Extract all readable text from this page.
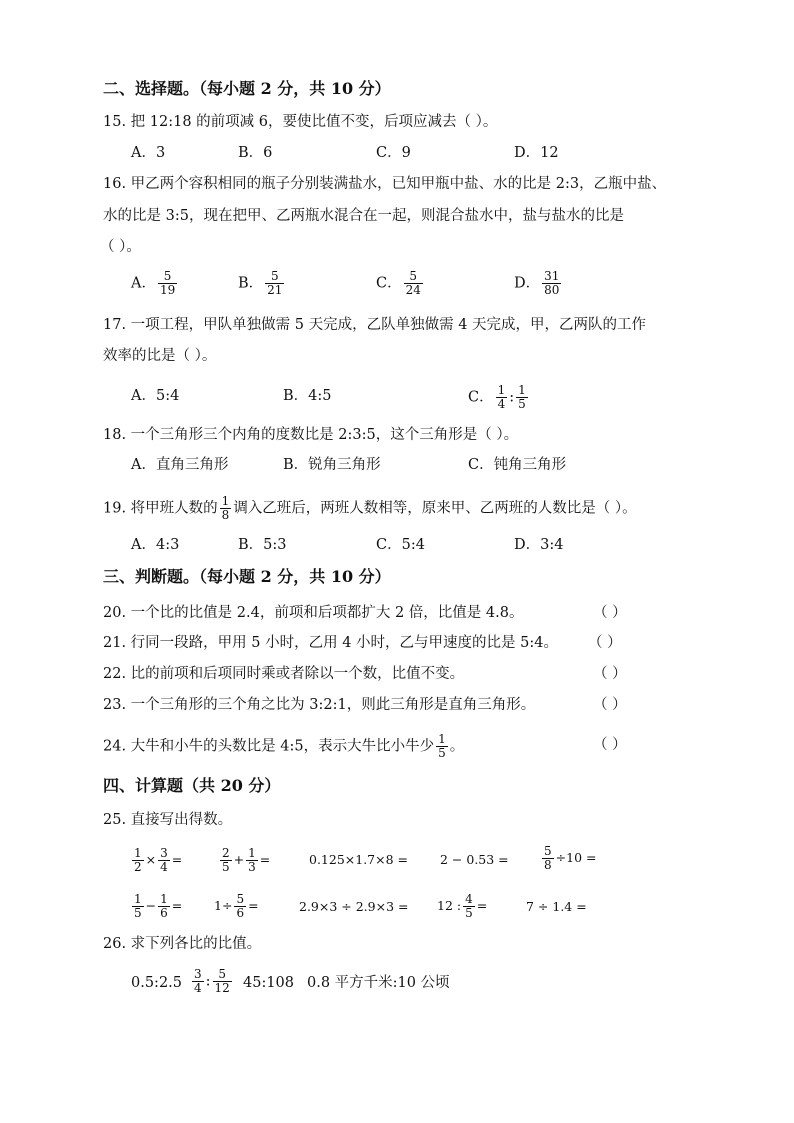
二、选择题。（每小题 2 分，共 10 分）
15. 把 12:18 的前项减 6，要使比值不变，后项应减去（ ）。
A．3	B．6	C．9	D．12
16. 甲乙两个容积相同的瓶子分别装满盐水，已知甲瓶中盐、水的比是 2:3，乙瓶中盐、
水的比是 3:5，现在把甲、乙两瓶水混合在一起，则混合盐水中，盐与盐水的比是
（ ）。
A． $\frac{5}{19}$	B． $\frac{5}{21}$	C． $\frac{5}{24}$	D． $\frac{31}{80}$
17. 一项工程，甲队单独做需 5 天完成，乙队单独做需 4 天完成，甲，乙两队的工作
效率的比是（ ）。
A．5:4	B．4:5	C． $\frac{1}{4}$ : $\frac{1}{5}$
18. 一个三角形三个内角的度数比是 2:3:5，这个三角形是（ ）。
A．直角三角形	B．锐角三角形	C．钝角三角形
19. 将甲班人数的 $\frac{1}{8}$ 调入乙班后，两班人数相等，原来甲、乙两班的人数比是（ ）。
A．4:3	B．5:3	C．5:4	D．3:4
三、判断题。（每小题 2 分，共 10 分）
20. 一个比的比值是 2.4，前项和后项都扩大 2 倍，比值是 4.8。	（ ）
21. 行同一段路，甲用 5 小时，乙用 4 小时，乙与甲速度的比是 5:4。 （ ）
22. 比的前项和后项同时乘或者除以一个数，比值不变。	（ ）
23. 一个三角形的三个角之比为 3:2:1，则此三角形是直角三角形。	（ ）
24. 大牛和小牛的头数比是 4:5，表示大牛比小牛少 $\frac{1}{5}$ 。	（ ）
四、计算题（共 20 分）
25. 直接写出得数。
$\frac{1}{2} \times \frac{3}{4}$ =	$\frac{2}{5} + \frac{1}{3}$ =	0.125×1.7×8 =	2 − 0.53 =	$\frac{5}{8} \div 10$ =
$\frac{1}{5} - \frac{1}{6}$ =	$1\div \frac{5}{6}$ =	2.9×3 ÷ 2.9×3 = 12 : $\frac{4}{5}$ =	7 ÷ 1.4 =
26. 求下列各比的比值。
0.5:2.5 $\frac{3}{4}$ : $\frac{5}{12}$ 45:108 0.8 平方千米:10 公顷
